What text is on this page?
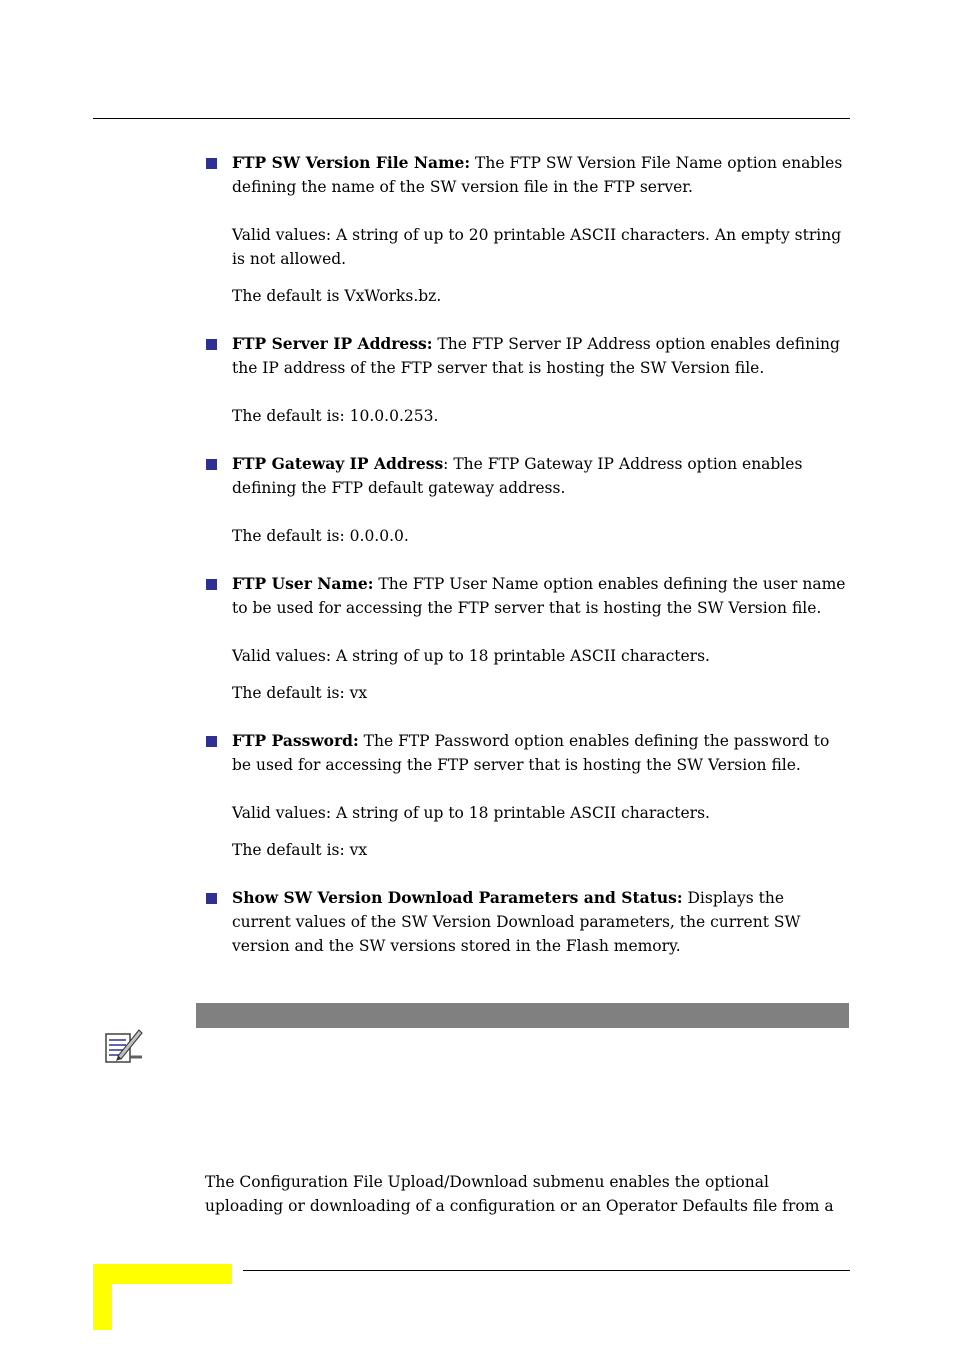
FTP SW Version File Name: The FTP SW Version File Name option enables defining the name of the SW version file in the FTP server.

Valid values: A string of up to 20 printable ASCII characters. An empty string is not allowed.

The default is VxWorks.bz.

FTP Server IP Address: The FTP Server IP Address option enables defining the IP address of the FTP server that is hosting the SW Version file.

The default is: 10.0.0.253.

FTP Gateway IP Address: The FTP Gateway IP Address option enables defining the FTP default gateway address.

The default is: 0.0.0.0.

FTP User Name: The FTP User Name option enables defining the user name to be used for accessing the FTP server that is hosting the SW Version file.

Valid values: A string of up to 18 printable ASCII characters.

The default is: vx

FTP Password: The FTP Password option enables defining the password to be used for accessing the FTP server that is hosting the SW Version file.

Valid values: A string of up to 18 printable ASCII characters.

The default is: vx

Show SW Version Download Parameters and Status: Displays the current values of the SW Version Download parameters, the current SW version and the SW versions stored in the Flash memory.

The Configuration File Upload/Download submenu enables the optional uploading or downloading of a configuration or an Operator Defaults file from a
